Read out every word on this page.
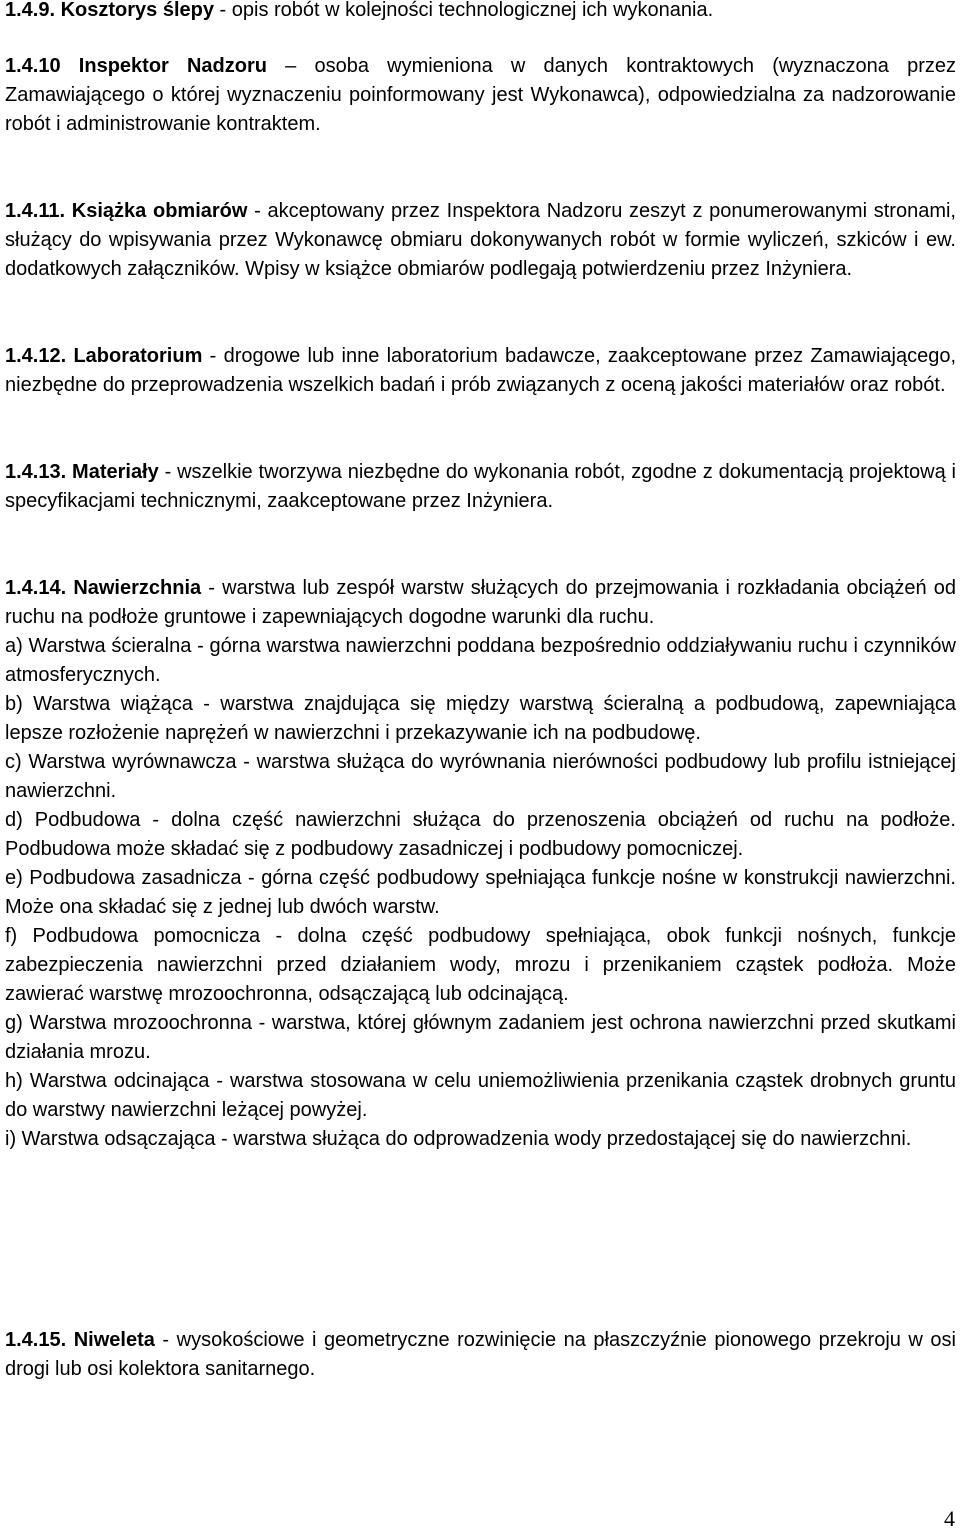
1.4.9. Kosztorys ślepy - opis robót w kolejności technologicznej ich wykonania.

1.4.10 Inspektor Nadzoru – osoba wymieniona w danych kontraktowych (wyznaczona przez Zamawiającego o której wyznaczeniu poinformowany jest Wykonawca), odpowiedzialna za nadzorowanie robót i administrowanie kontraktem.

1.4.11. Książka obmiarów - akceptowany przez Inspektora Nadzoru zeszyt z ponumerowanymi stronami, służący do wpisywania przez Wykonawcę obmiaru dokonywanych robót w formie wyliczeń, szkiców i ew. dodatkowych załączników. Wpisy w książce obmiarów podlegają potwierdzeniu przez Inżyniera.

1.4.12. Laboratorium - drogowe lub inne laboratorium badawcze, zaakceptowane przez Zamawiającego, niezbędne do przeprowadzenia wszelkich badań i prób związanych z oceną jakości materiałów oraz robót.

1.4.13. Materiały - wszelkie tworzywa niezbędne do wykonania robót, zgodne z dokumentacją projektową i specyfikacjami technicznymi, zaakceptowane przez Inżyniera.

1.4.14. Nawierzchnia - warstwa lub zespół warstw służących do przejmowania i rozkładania obciążeń od ruchu na podłoże gruntowe i zapewniających dogodne warunki dla ruchu.

a) Warstwa ścieralna - górna warstwa nawierzchni poddana bezpośrednio oddziaływaniu ruchu i czynników atmosferycznych.

b) Warstwa wiążąca - warstwa znajdująca się między warstwą ścieralną a podbudową, zapewniająca lepsze rozłożenie naprężeń w nawierzchni i przekazywanie ich na podbudowę.

c) Warstwa wyrównawcza - warstwa służąca do wyrównania nierówności podbudowy lub profilu istniejącej nawierzchni.

d) Podbudowa - dolna część nawierzchni służąca do przenoszenia obciążeń od ruchu na podłoże. Podbudowa może składać się z podbudowy zasadniczej i podbudowy pomocniczej.

e) Podbudowa zasadnicza - górna część podbudowy spełniająca funkcje nośne w konstrukcji nawierzchni. Może ona składać się z jednej lub dwóch warstw.

f) Podbudowa pomocnicza - dolna część podbudowy spełniająca, obok funkcji nośnych, funkcje zabezpieczenia nawierzchni przed działaniem wody, mrozu i przenikaniem cząstek podłoża. Może zawierać warstwę mrozoochronna, odsączającą lub odcinającą.

g) Warstwa mrozoochronna - warstwa, której głównym zadaniem jest ochrona nawierzchni przed skutkami działania mrozu.

h) Warstwa odcinająca - warstwa stosowana w celu uniemożliwienia przenikania cząstek drobnych gruntu do warstwy nawierzchni leżącej powyżej.

i) Warstwa odsączająca - warstwa służąca do odprowadzenia wody przedostającej się do nawierzchni.

1.4.15. Niweleta - wysokościowe i geometryczne rozwinięcie na płaszczyźnie pionowego przekroju w osi drogi lub osi kolektora sanitarnego.

4
